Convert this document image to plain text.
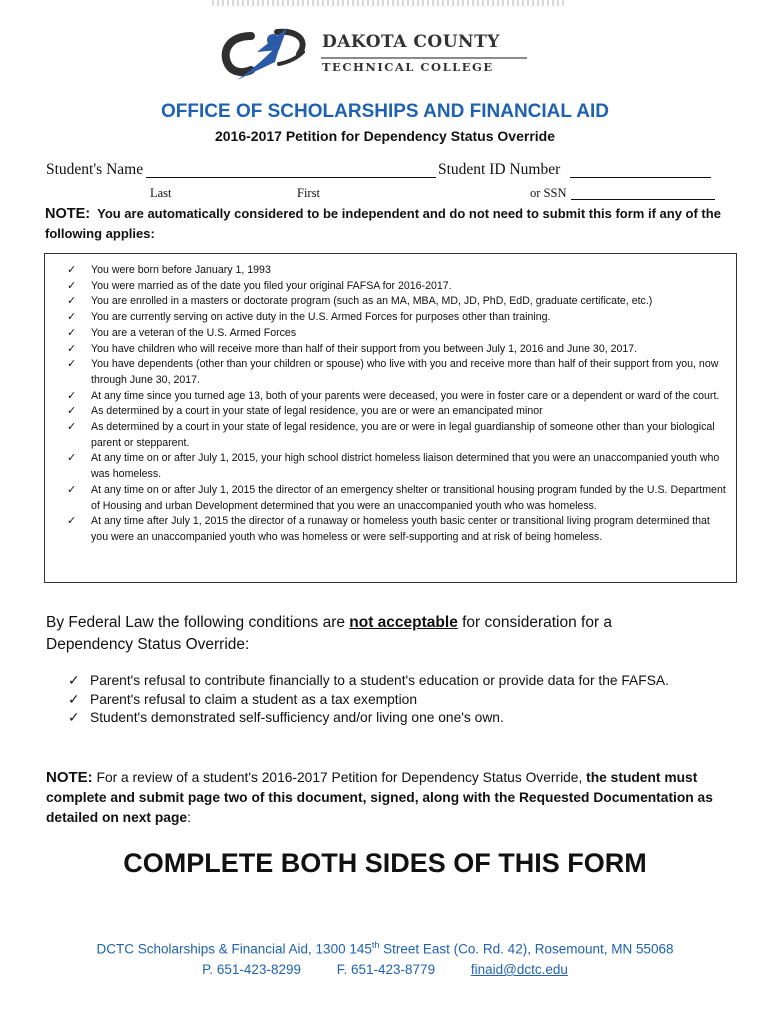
DAKOTA COUNTY
TECHNICAL COLLEGE
OFFICE OF SCHOLARSHIPS AND FINANCIAL AID
2016-2017 Petition for Dependency Status Override
Student's Name	Student ID Number
Last	First	or SSN
NOTE: You are automatically considered to be independent and do not need to submit this form if any of the following applies:
✓ You were born before January 1, 1993
✓ You were married as of the date you filed your original FAFSA for 2016-2017.
✓ You are enrolled in a masters or doctorate program (such as an MA, MBA, MD, JD, PhD, EdD, graduate certificate, etc.)
✓ You are currently serving on active duty in the U.S. Armed Forces for purposes other than training.
✓ You are a veteran of the U.S. Armed Forces
✓ You have children who will receive more than half of their support from you between July 1, 2016 and June 30, 2017.
✓ You have dependents (other than your children or spouse) who live with you and receive more than half of their support from you, now through June 30, 2017.
✓ At any time since you turned age 13, both of your parents were deceased, you were in foster care or a dependent or ward of the court.
✓ As determined by a court in your state of legal residence, you are or were an emancipated minor
✓ As determined by a court in your state of legal residence, you are or were in legal guardianship of someone other than your biological parent or stepparent.
✓ At any time on or after July 1, 2015, your high school district homeless liaison determined that you were an unaccompanied youth who was homeless.
✓ At any time on or after July 1, 2015 the director of an emergency shelter or transitional housing program funded by the U.S. Department of Housing and urban Development determined that you were an unaccompanied youth who was homeless.
✓ At any time after July 1, 2015 the director of a runaway or homeless youth basic center or transitional living program determined that you were an unaccompanied youth who was homeless or were self-supporting and at risk of being homeless.
By Federal Law the following conditions are not acceptable for consideration for a Dependency Status Override:
✓ Parent's refusal to contribute financially to a student's education or provide data for the FAFSA.
✓ Parent's refusal to claim a student as a tax exemption
✓ Student's demonstrated self-sufficiency and/or living one one's own.
NOTE: For a review of a student's 2016-2017 Petition for Dependency Status Override, the student must complete and submit page two of this document, signed, along with the Requested Documentation as detailed on next page:
COMPLETE BOTH SIDES OF THIS FORM
DCTC Scholarships & Financial Aid, 1300 145th Street East (Co. Rd. 42), Rosemount, MN 55068
P. 651-423-8299	F. 651-423-8779	finaid@dctc.edu
